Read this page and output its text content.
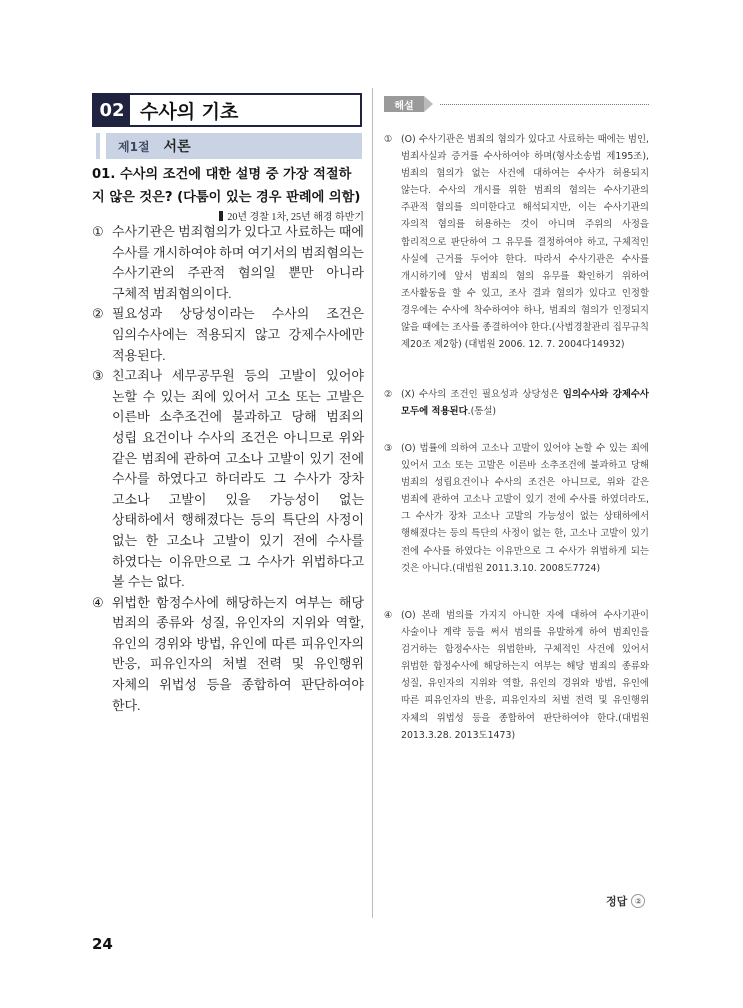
02 수사의 기초
제1절 서론
01. 수사의 조건에 대한 설명 중 가장 적절하지 않은 것은? (다툼이 있는 경우 판례에 의함)
20년 경찰 1차, 25년 해경 하반기
① 수사기관은 범죄혐의가 있다고 사료하는 때에 수사를 개시하여야 하며 여기서의 범죄혐의는 수사기관의 주관적 혐의일 뿐만 아니라 구체적 범죄혐의이다.
② 필요성과 상당성이라는 수사의 조건은 임의수사에는 적용되지 않고 강제수사에만 적용된다.
③ 친고죄나 세무공무원 등의 고발이 있어야 논할 수 있는 죄에 있어서 고소 또는 고발은 이른바 소추조건에 불과하고 당해 범죄의 성립 요건이나 수사의 조건은 아니므로 위와 같은 범죄에 관하여 고소나 고발이 있기 전에 수사를 하였다고 하더라도 그 수사가 장차 고소나 고발이 있을 가능성이 없는 상태하에서 행해졌다는 등의 특단의 사정이 없는 한 고소나 고발이 있기 전에 수사를 하였다는 이유만으로 그 수사가 위법하다고 볼 수는 없다.
④ 위법한 함정수사에 해당하는지 여부는 해당 범죄의 종류와 성질, 유인자의 지위와 역할, 유인의 경위와 방법, 유인에 따른 피유인자의 반응, 피유인자의 처벌 전력 및 유인행위 자체의 위법성 등을 종합하여 판단하여야 한다.
해설
① (O) 수사기관은 범죄의 혐의가 있다고 사료하는 때에는 범인, 범죄사실과 증거를 수사하여야 하며(형사소송법 제195조), 범죄의 혐의가 없는 사건에 대하여는 수사가 허용되지 않는다. 수사의 개시를 위한 범죄의 혐의는 수사기관의 주관적 혐의를 의미한다고 해석되지만, 이는 수사기관의 자의적 혐의를 허용하는 것이 아니며 주위의 사정을 합리적으로 판단하여 그 유무를 결정하여야 하고, 구체적인 사실에 근거를 두어야 한다. 따라서 수사기관은 수사를 개시하기에 앞서 범죄의 혐의 유무를 확인하기 위하여 조사활동을 할 수 있고, 조사 결과 혐의가 있다고 인정할 경우에는 수사에 착수하여야 하나, 범죄의 혐의가 인정되지 않을 때에는 조사를 종결하여야 한다.(사법경찰관리 집무규칙 제20조 제2항) (대법원 2006. 12. 7. 2004다14932)
② (X) 수사의 조건인 필요성과 상당성은 임의수사와 강제수사 모두에 적용된다.(통설)
③ (O) 법률에 의하여 고소나 고발이 있어야 논할 수 있는 죄에 있어서 고소 또는 고발은 이른바 소추조건에 불과하고 당해 범죄의 성립요건이나 수사의 조건은 아니므로, 위와 같은 범죄에 관하여 고소나 고발이 있기 전에 수사를 하였더라도, 그 수사가 장차 고소나 고발의 가능성이 없는 상태하에서 행해졌다는 등의 특단의 사정이 없는 한, 고소나 고발이 있기 전에 수사를 하였다는 이유만으로 그 수사가 위법하게 되는 것은 아니다.(대법원 2011.3.10. 2008도7724)
④ (O) 본래 범의를 가지지 아니한 자에 대하여 수사기관이 사술이나 계략 등을 써서 범의를 유발하게 하여 범죄인을 검거하는 함정수사는 위법한바, 구체적인 사건에 있어서 위법한 함정수사에 해당하는지 여부는 해당 범죄의 종류와 성질, 유인자의 지위와 역할, 유인의 경위와 방법, 유인에 따른 피유인자의 반응, 피유인자의 처벌 전력 및 유인행위 자체의 위법성 등을 종합하여 판단하여야 한다.(대법원 2013.3.28. 2013도1473)
정답 ②
24
